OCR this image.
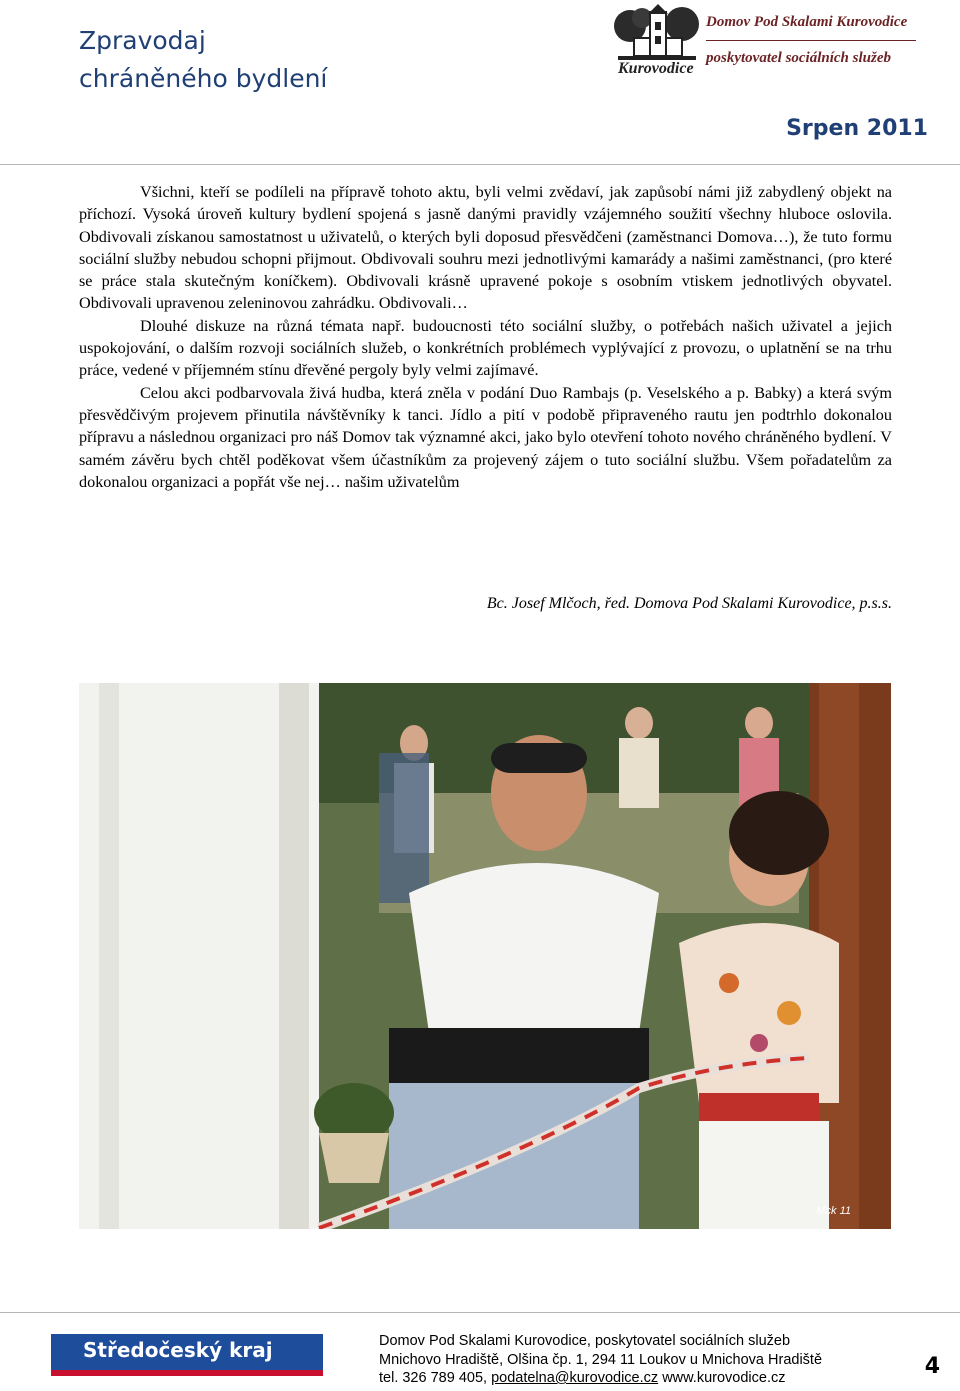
Zpravodaj
chráněného bydlení	Kurovodice
Domov Pod Skalami Kurovodice
poskytovatel sociálních služeb
Srpen 2011

Všichni, kteří se podíleli na přípravě tohoto aktu, byli velmi zvědaví, jak zapůsobí námi již zabydlený objekt na příchozí. Vysoká úroveň kultury bydlení spojená s jasně danými pravidly vzájemného soužití všechny hluboce oslovila. Obdivovali získanou samostatnost u uživatelů, o kterých byli doposud přesvědčeni (zaměstnanci Domova…), že tuto formu sociální služby nebudou schopni přijmout. Obdivovali souhru mezi jednotlivými kamarády a našimi zaměstnanci, (pro které se práce stala skutečným koníčkem). Obdivovali krásně upravené pokoje s osobním vtiskem jednotlivých obyvatel. Obdivovali upravenou zeleninovou zahrádku. Obdivovali…

Dlouhé diskuze na různá témata např. budoucnosti této sociální služby, o potřebách našich uživatel a jejich uspokojování, o dalším rozvoji sociálních služeb, o konkrétních problémech vyplývající z provozu, o uplatnění se na trhu práce, vedené v příjemném stínu dřevěné pergoly byly velmi zajímavé.

Celou akci podbarvovala živá hudba, která zněla v podání Duo Rambajs (p. Veselského a p. Babky) a která svým přesvědčivým projevem přinutila návštěvníky k tanci. Jídlo a pití v podobě připraveného rautu jen podtrhlo dokonalou přípravu a následnou organizaci pro náš Domov tak významné akci, jako bylo otevření tohoto nového chráněného bydlení. V samém závěru bych chtěl poděkovat všem účastníkům za projevený zájem o tuto sociální službu. Všem pořadatelům za dokonalou organizaci a popřát vše nej… našim uživatelům

Bc. Josef Mlčoch, řed. Domova Pod Skalami Kurovodice, p.s.s.
Mck 11
Středočeský kraj	Domov Pod Skalami Kurovodice, poskytovatel sociálních služeb
Mnichovo Hradiště, Olšina čp. 1, 294 11 Loukov u Mnichova Hradiště
tel. 326 789 405, podatelna@kurovodice.cz www.kurovodice.cz	4
